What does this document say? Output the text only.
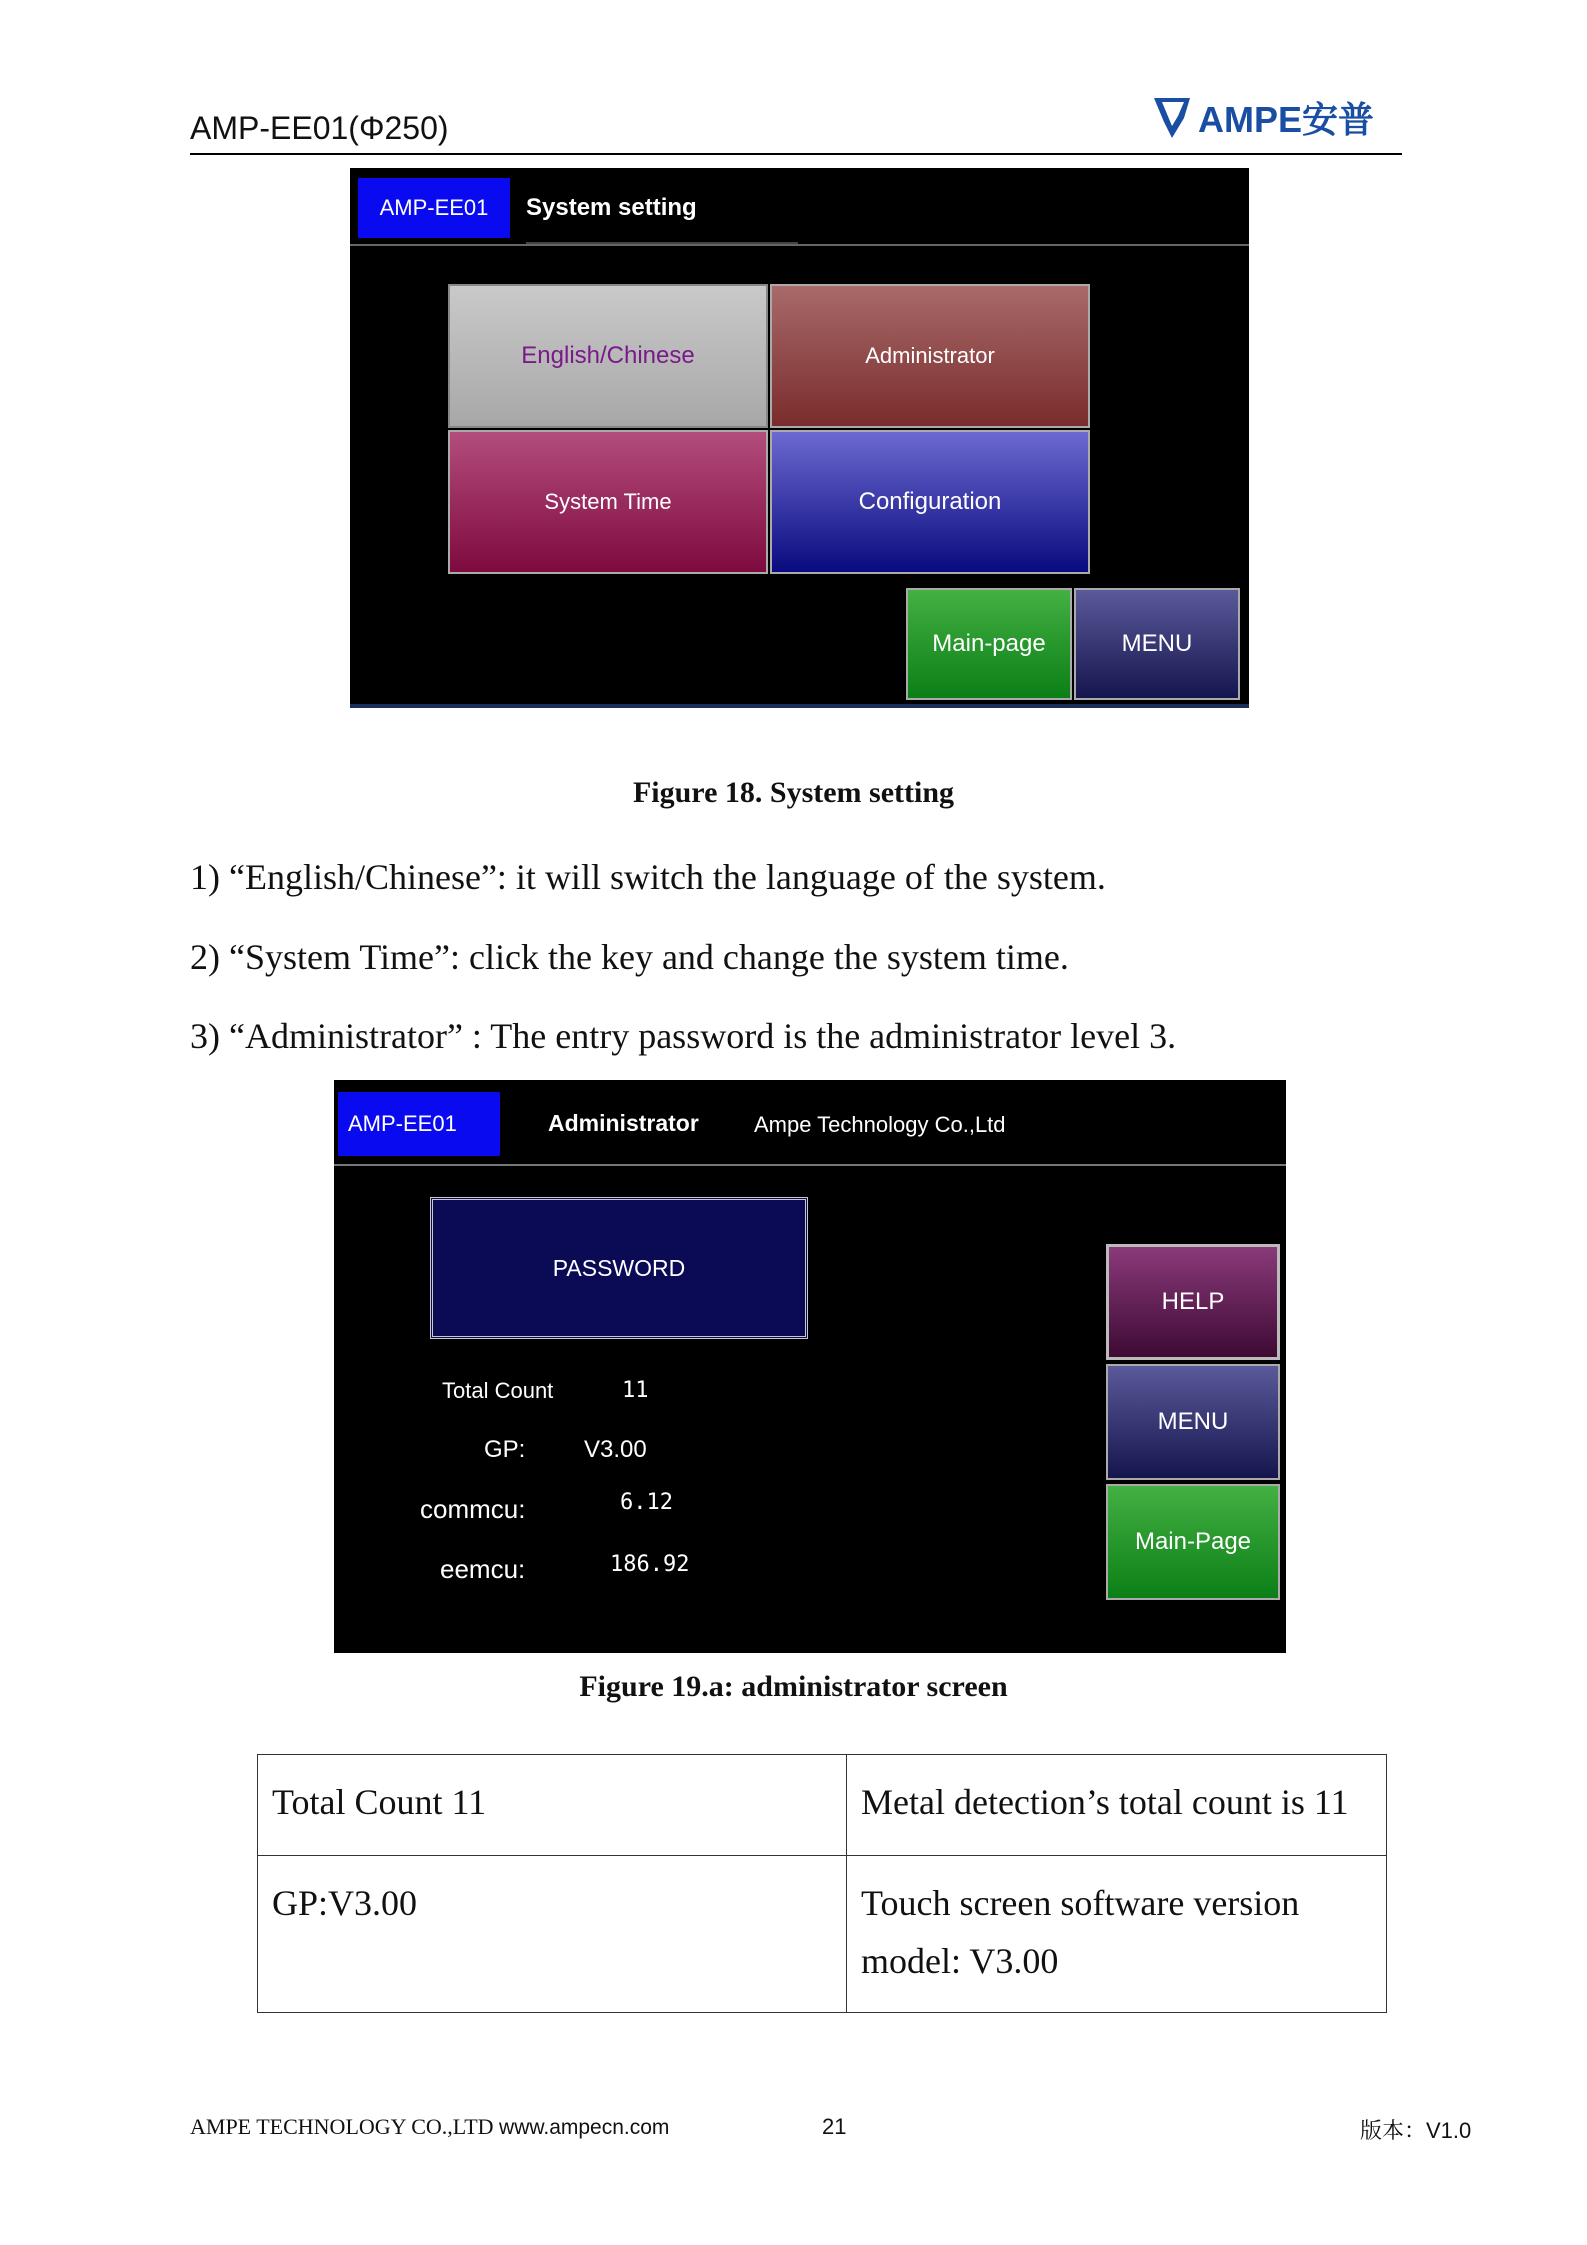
AMP-EE01(Φ250)	AMPE安普
AMP-EE01 System setting
English/Chinese	Administrator
System Time	Configuration
Main-page	MENU
Figure 18. System setting
1) “English/Chinese”: it will switch the language of the system.
2) “System Time”: click the key and change the system time.
3) “Administrator” : The entry password is the administrator level 3.
AMP-EE01	Administrator	Ampe Technology Co.,Ltd
PASSWORD
Total Count	11
GP: V3.00
commcu:	6.12
eemcu:	186.92
HELP
MENU
Main-Page
Figure 19.a: administrator screen
Total Count 11	Metal detection’s total count is 11
GP:V3.00	Touch screen software version model: V3.00
AMPE TECHNOLOGY CO.,LTD www.ampecn.com	21	版本：V1.0
